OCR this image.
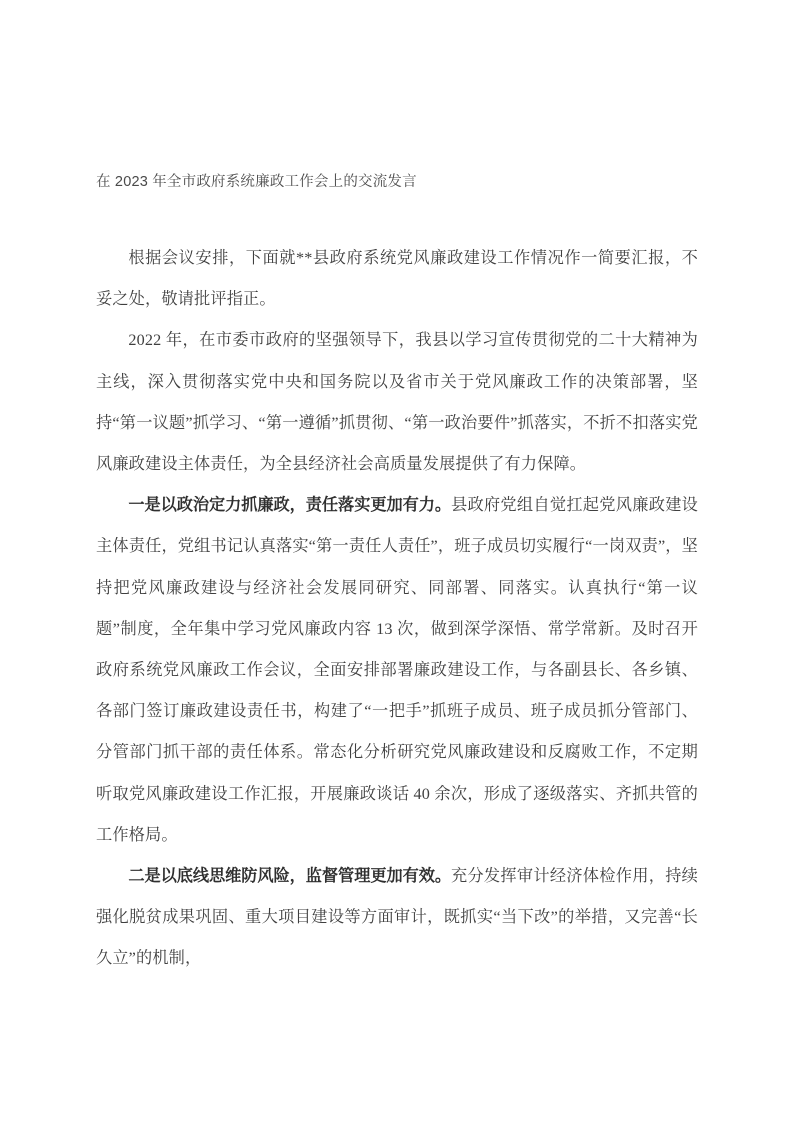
在 2023 年全市政府系统廉政工作会上的交流发言

根据会议安排，下面就**县政府系统党风廉政建设工作情况作一简要汇报，不妥之处，敬请批评指正。

2022 年，在市委市政府的坚强领导下，我县以学习宣传贯彻党的二十大精神为主线，深入贯彻落实党中央和国务院以及省市关于党风廉政工作的决策部署，坚持“第一议题”抓学习、“第一遵循”抓贯彻、“第一政治要件”抓落实，不折不扣落实党风廉政建设主体责任，为全县经济社会高质量发展提供了有力保障。

一是以政治定力抓廉政，责任落实更加有力。县政府党组自觉扛起党风廉政建设主体责任，党组书记认真落实“第一责任人责任”，班子成员切实履行“一岗双责”，坚持把党风廉政建设与经济社会发展同研究、同部署、同落实。认真执行“第一议题”制度，全年集中学习党风廉政内容 13 次，做到深学深悟、常学常新。及时召开政府系统党风廉政工作会议，全面安排部署廉政建设工作，与各副县长、各乡镇、各部门签订廉政建设责任书，构建了“一把手”抓班子成员、班子成员抓分管部门、分管部门抓干部的责任体系。常态化分析研究党风廉政建设和反腐败工作，不定期听取党风廉政建设工作汇报，开展廉政谈话 40 余次，形成了逐级落实、齐抓共管的工作格局。

二是以底线思维防风险，监督管理更加有效。充分发挥审计经济体检作用，持续强化脱贫成果巩固、重大项目建设等方面审计，既抓实“当下改”的举措，又完善“长久立”的机制，
